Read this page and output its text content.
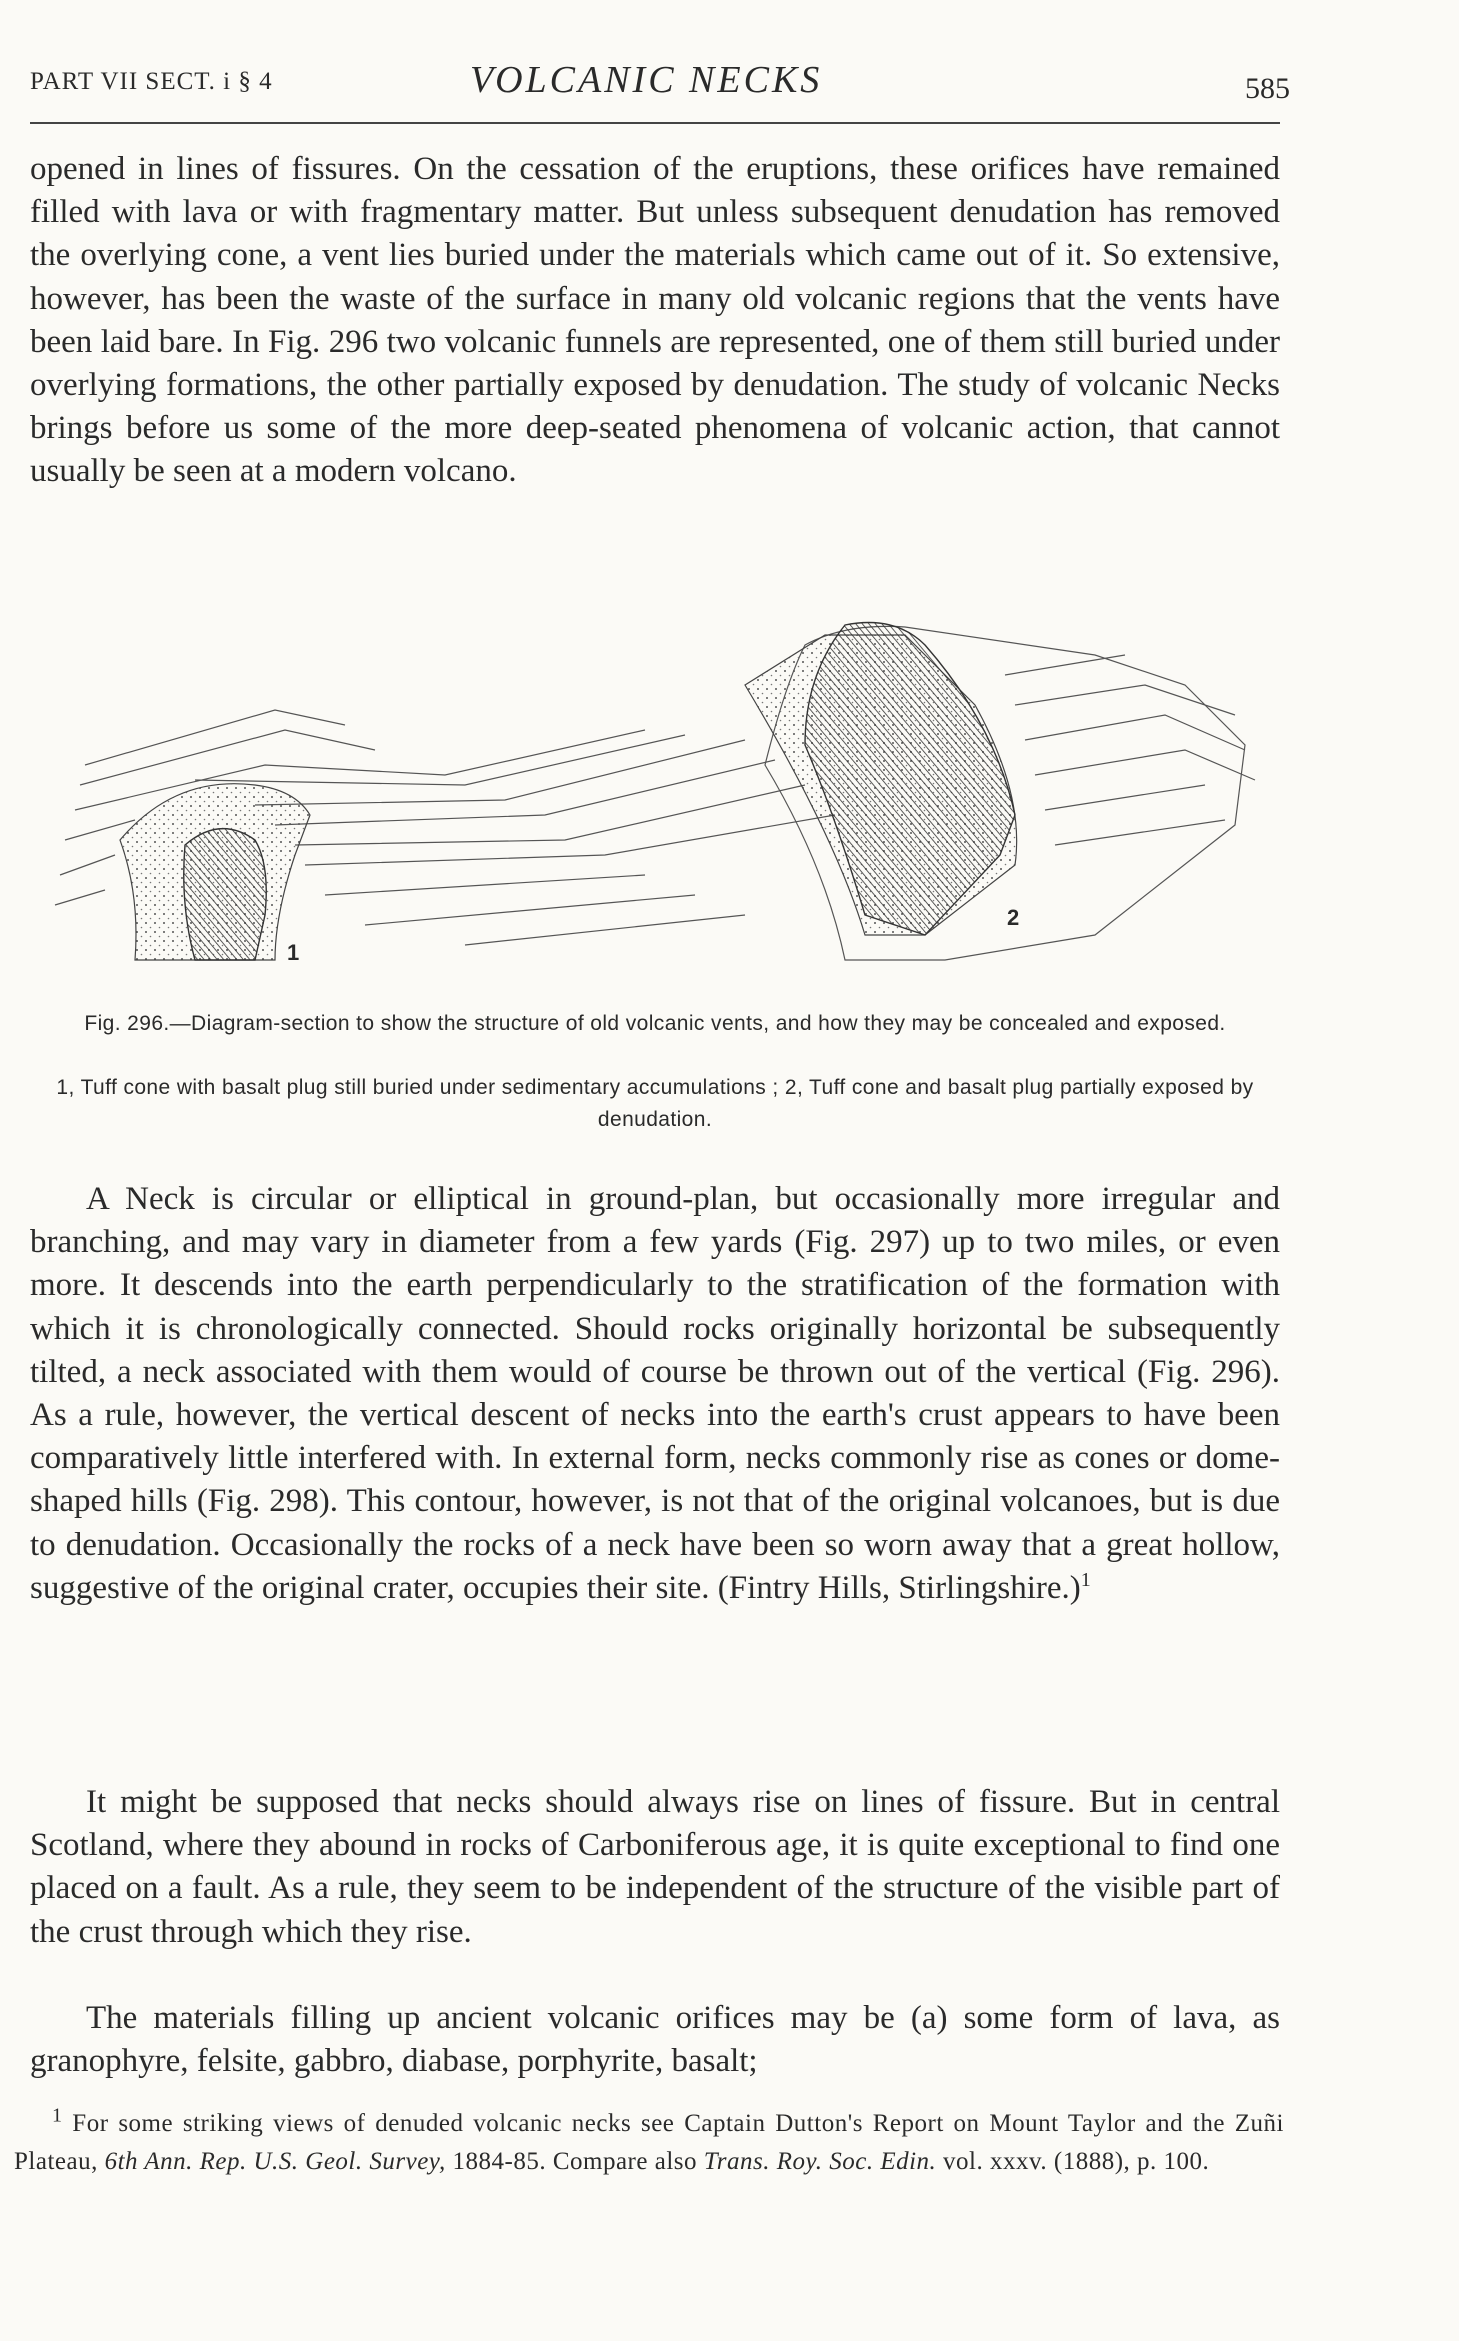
PART VII SECT. i § 4	VOLCANIC NECKS	585

opened in lines of fissures. On the cessation of the eruptions, these orifices have remained filled with lava or with fragmentary matter. But unless subsequent denudation has removed the overlying cone, a vent lies buried under the materials which came out of it. So extensive, however, has been the waste of the surface in many old volcanic regions that the vents have been laid bare. In Fig. 296 two volcanic funnels are represented, one of them still buried under overlying formations, the other partially exposed by denudation. The study of volcanic Necks brings before us some of the more deep-seated phenomena of volcanic action, that cannot usually be seen at a modern volcano.

1
2
Fig. 296.—Diagram-section to show the structure of old volcanic vents, and how they may be concealed and exposed.
1, Tuff cone with basalt plug still buried under sedimentary accumulations ; 2, Tuff cone and basalt plug partially exposed by denudation.

A Neck is circular or elliptical in ground-plan, but occasionally more irregular and branching, and may vary in diameter from a few yards (Fig. 297) up to two miles, or even more. It descends into the earth perpendicularly to the stratification of the formation with which it is chronologically connected. Should rocks originally horizontal be subsequently tilted, a neck associated with them would of course be thrown out of the vertical (Fig. 296). As a rule, however, the vertical descent of necks into the earth's crust appears to have been comparatively little interfered with. In external form, necks commonly rise as cones or dome-shaped hills (Fig. 298). This contour, however, is not that of the original volcanoes, but is due to denudation. Occasionally the rocks of a neck have been so worn away that a great hollow, suggestive of the original crater, occupies their site. (Fintry Hills, Stirlingshire.)$^1$

It might be supposed that necks should always rise on lines of fissure. But in central Scotland, where they abound in rocks of Carboniferous age, it is quite exceptional to find one placed on a fault. As a rule, they seem to be independent of the structure of the visible part of the crust through which they rise.

The materials filling up ancient volcanic orifices may be (a) some form of lava, as granophyre, felsite, gabbro, diabase, porphyrite, basalt;

$^1$ For some striking views of denuded volcanic necks see Captain Dutton's Report on Mount Taylor and the Zuñi Plateau, 6th Ann. Rep. U.S. Geol. Survey, 1884-85. Compare also Trans. Roy. Soc. Edin. vol. xxxv. (1888), p. 100.
